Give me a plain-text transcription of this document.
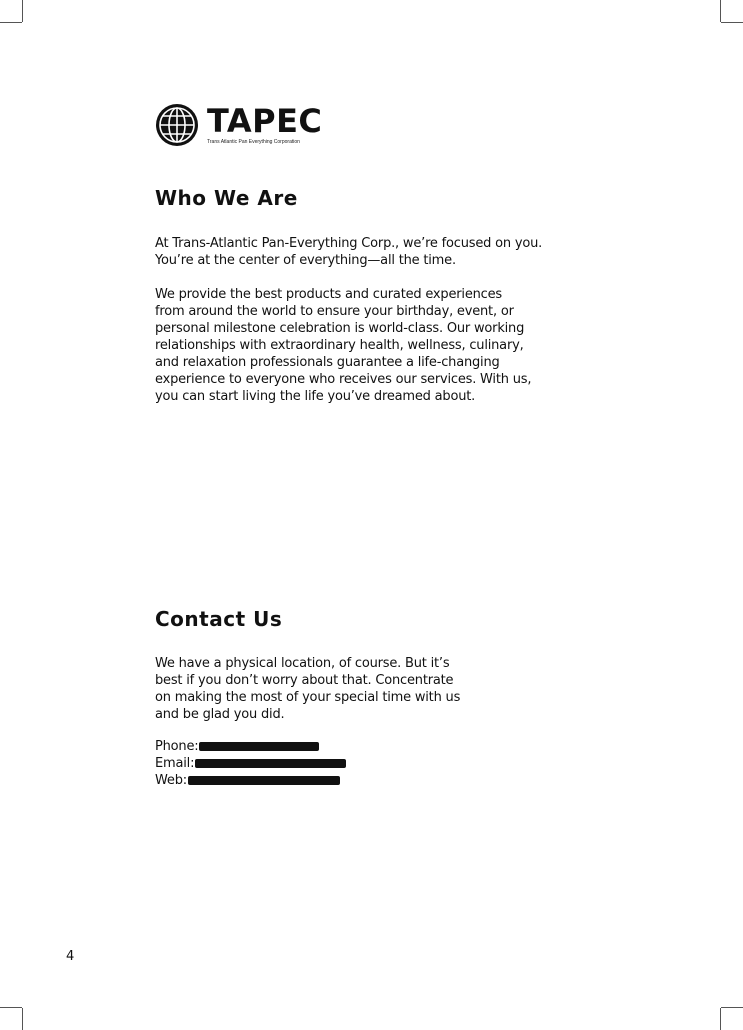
TAPEC
Trans Atlantic Pan Everything Corporation
Who We Are
At Trans-Atlantic Pan-Everything Corp., we’re focused on you.
You’re at the center of everything—all the time.
We provide the best products and curated experiences
from around the world to ensure your birthday, event, or
personal milestone celebration is world-class. Our working
relationships with extraordinary health, wellness, culinary,
and relaxation professionals guarantee a life-changing
experience to everyone who receives our services. With us,
you can start living the life you’ve dreamed about.
Contact Us
We have a physical location, of course. But it’s
best if you don’t worry about that. Concentrate
on making the most of your special time with us
and be glad you did.
Phone:
Email:
Web:
4
